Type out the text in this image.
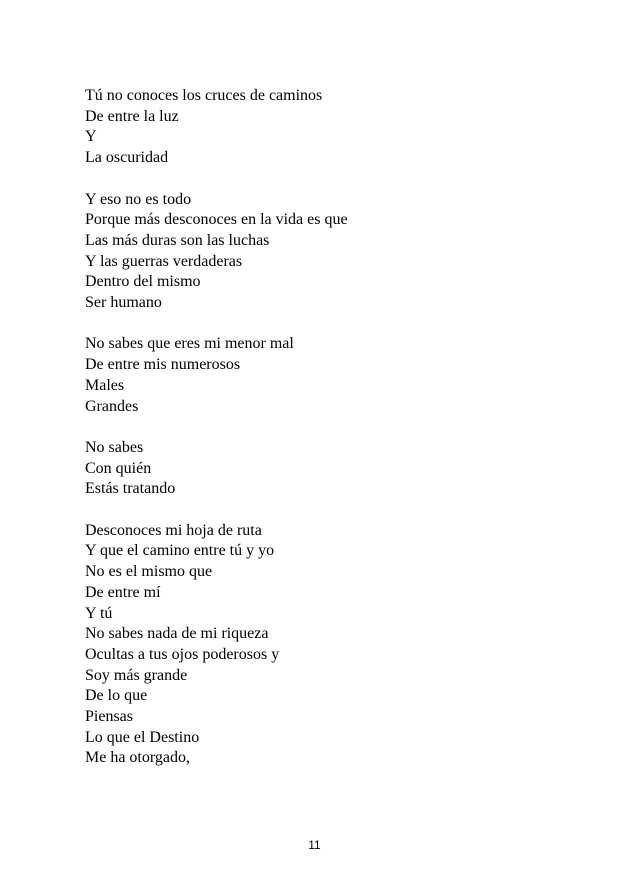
Tú no conoces los cruces de caminos
De entre la luz
Y
La oscuridad
Y eso no es todo
Porque más desconoces en la vida es que
Las más duras son las luchas
Y las guerras verdaderas
Dentro del mismo
Ser humano
No sabes que eres mi menor mal
De entre mis numerosos
Males
Grandes
No sabes
Con quién
Estás tratando
Desconoces mi hoja de ruta
Y que el camino entre tú y yo
No es el mismo que
De entre mí
Y tú
No sabes nada de mi riqueza
Ocultas a tus ojos poderosos y
Soy más grande
De lo que
Piensas
Lo que el Destino
Me ha otorgado,
11
